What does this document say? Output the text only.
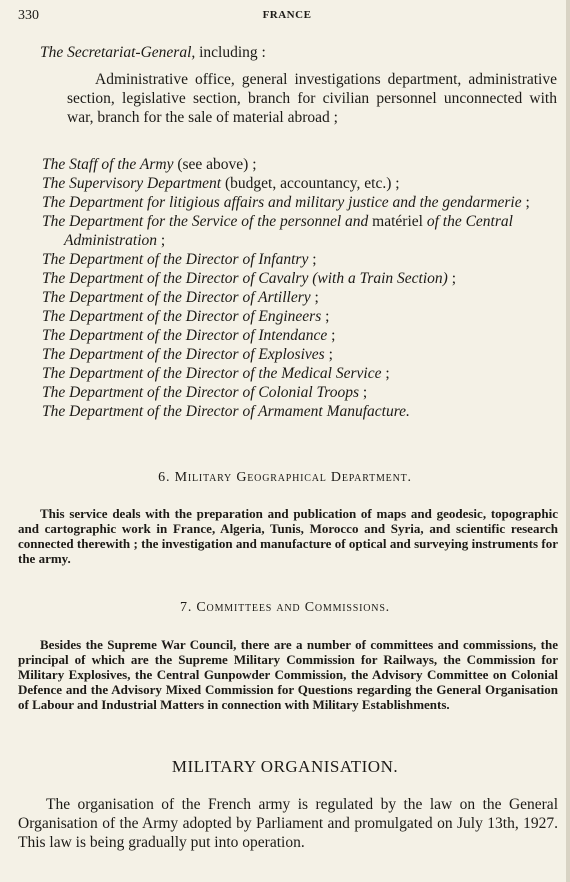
330	FRANCE
The Secretariat-General, including :
Administrative office, general investigations department, administrative section, legislative section, branch for civilian personnel unconnected with war, branch for the sale of material abroad ;
The Staff of the Army (see above) ;
The Supervisory Department (budget, accountancy, etc.) ;
The Department for litigious affairs and military justice and the gendarmerie ;
The Department for the Service of the personnel and matériel of the Central Administration ;
The Department of the Director of Infantry ;
The Department of the Director of Cavalry (with a Train Section) ;
The Department of the Director of Artillery ;
The Department of the Director of Engineers ;
The Department of the Director of Intendance ;
The Department of the Director of Explosives ;
The Department of the Director of the Medical Service ;
The Department of the Director of Colonial Troops ;
The Department of the Director of Armament Manufacture.
6. Military Geographical Department.
This service deals with the preparation and publication of maps and geodesic, topographic and cartographic work in France, Algeria, Tunis, Morocco and Syria, and scientific research connected therewith ; the investigation and manufacture of optical and surveying instruments for the army.
7. Committees and Commissions.
Besides the Supreme War Council, there are a number of committees and commissions, the principal of which are the Supreme Military Commission for Railways, the Commission for Military Explosives, the Central Gunpowder Commission, the Advisory Committee on Colonial Defence and the Advisory Mixed Commission for Questions regarding the General Organisation of Labour and Industrial Matters in connection with Military Establishments.
MILITARY ORGANISATION.
The organisation of the French army is regulated by the law on the General Organisation of the Army adopted by Parliament and promulgated on July 13th, 1927. This law is being gradually put into operation.
